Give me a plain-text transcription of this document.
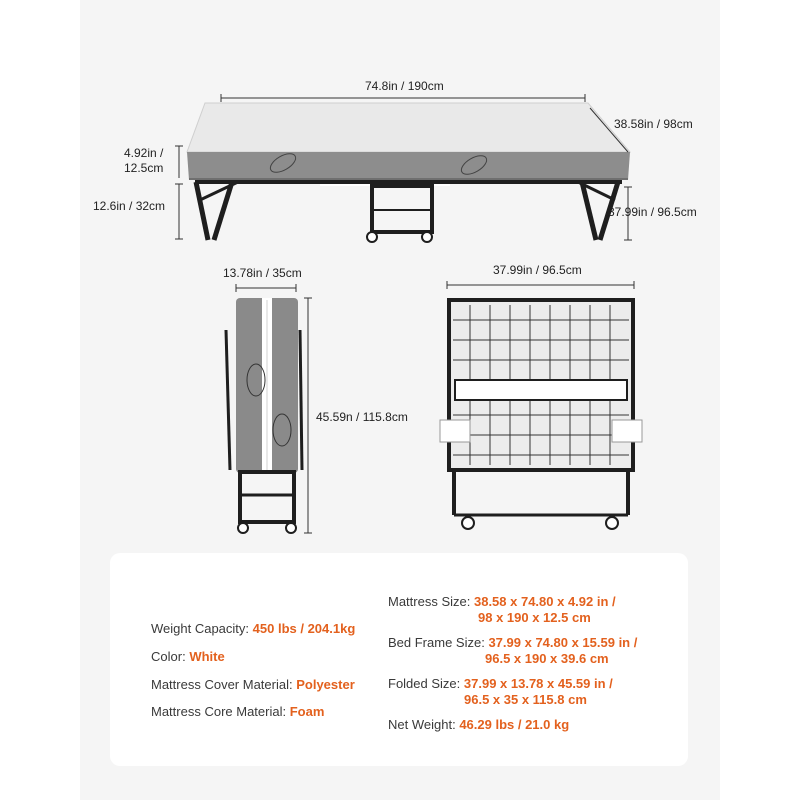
74.8in / 190cm
38.58in / 98cm
4.92in /
12.5cm
12.6in / 32cm	37.99in / 96.5cm
13.78in / 35cm	37.99in / 96.5cm
45.59n / 115.8cm
Weight Capacity: 450 lbs / 204.1kg
Color: White
Mattress Cover Material: Polyester
Mattress Core Material: Foam
Mattress Size: 38.58 x 74.80 x 4.92 in /
98 x 190 x 12.5 cm
Bed Frame Size: 37.99 x 74.80 x 15.59 in /
96.5 x 190 x 39.6 cm
Folded Size: 37.99 x 13.78 x 45.59 in /
96.5 x 35 x 115.8 cm
Net Weight: 46.29 lbs / 21.0 kg
